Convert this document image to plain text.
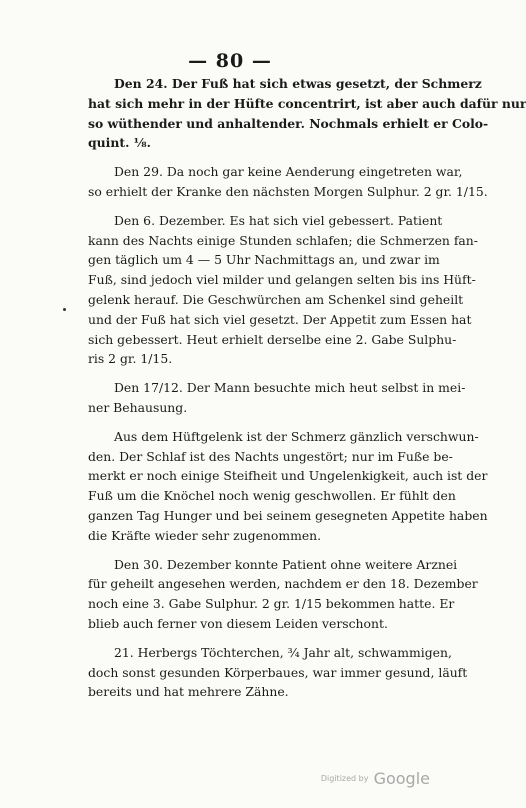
— 80 —
Den 24. Der Fuß hat sich etwas gesetzt, der Schmerz
hat sich mehr in der Hüfte concentrirt, ist aber auch dafür nur
so wüthender und anhaltender. Nochmals erhielt er Colo-
quint. ⅛.
Den 29. Da noch gar keine Aenderung eingetreten war,
so erhielt der Kranke den nächsten Morgen Sulphur. 2 gr. 1/15.
Den 6. Dezember. Es hat sich viel gebessert. Patient
kann des Nachts einige Stunden schlafen; die Schmerzen fan-
gen täglich um 4 — 5 Uhr Nachmittags an, und zwar im
Fuß, sind jedoch viel milder und gelangen selten bis ins Hüft-
gelenk herauf. Die Geschwürchen am Schenkel sind geheilt
und der Fuß hat sich viel gesetzt. Der Appetit zum Essen hat
sich gebessert. Heut erhielt derselbe eine 2. Gabe Sulphu-
ris 2 gr. 1/15.
Den 17/12. Der Mann besuchte mich heut selbst in mei-
ner Behausung.
Aus dem Hüftgelenk ist der Schmerz gänzlich verschwun-
den. Der Schlaf ist des Nachts ungestört; nur im Fuße be-
merkt er noch einige Steifheit und Ungelenkigkeit, auch ist der
Fuß um die Knöchel noch wenig geschwollen. Er fühlt den
ganzen Tag Hunger und bei seinem gesegneten Appetite haben
die Kräfte wieder sehr zugenommen.
Den 30. Dezember konnte Patient ohne weitere Arznei
für geheilt angesehen werden, nachdem er den 18. Dezember
noch eine 3. Gabe Sulphur. 2 gr. 1/15 bekommen hatte. Er
blieb auch ferner von diesem Leiden verschont.
21. Herbergs Töchterchen, ¾ Jahr alt, schwammigen,
doch sonst gesunden Körperbaues, war immer gesund, läuft
bereits und hat mehrere Zähne.
Digitized by Google
